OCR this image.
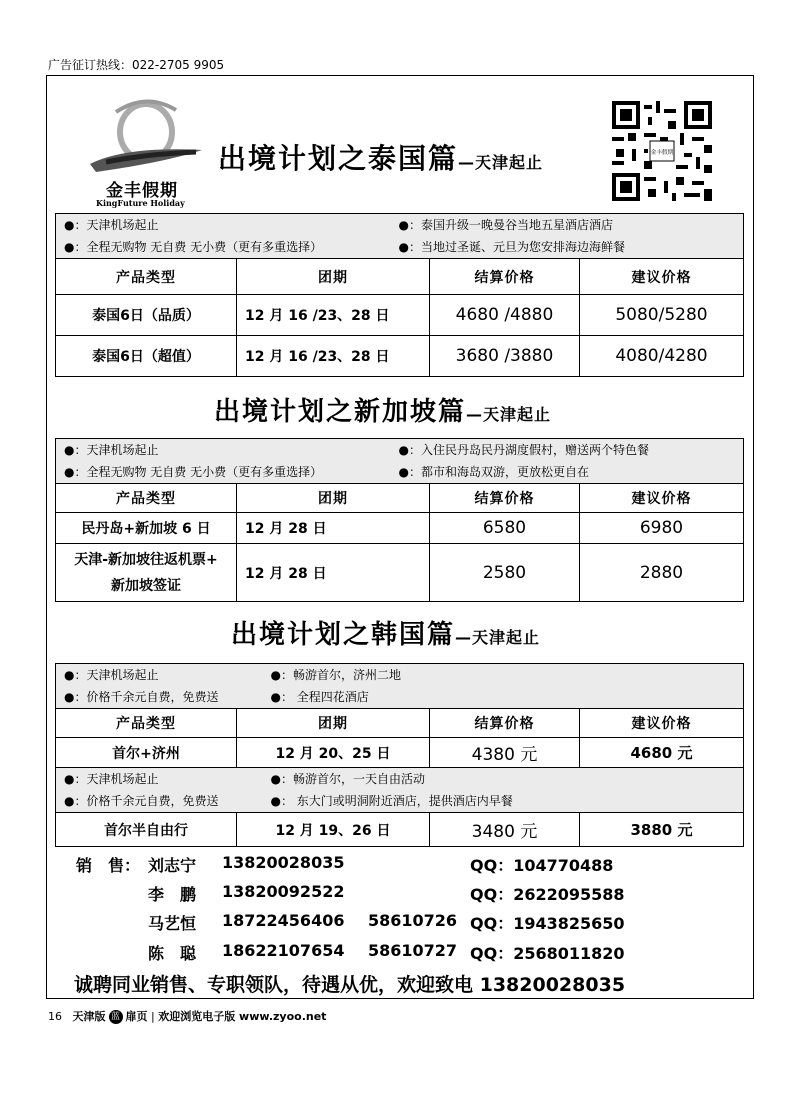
广告征订热线：022-2705 9905
金丰假期
KingFuture Holiday
金丰假期
出境计划之泰国篇—天津起止
●：天津机场起止	●：泰国升级一晚曼谷当地五星酒店酒店
●：全程无购物 无自费 无小费（更有多重选择）	●：当地过圣诞、元旦为您安排海边海鲜餐
产品类型	团期	结算价格	建议价格
泰国6日（品质）	12 月 16 /23、28 日	4680 /4880	5080/5280
泰国6日（超值）	12 月 16 /23、28 日	3680 /3880	4080/4280
出境计划之新加坡篇—天津起止
●：天津机场起止	●：入住民丹岛民丹湖度假村，赠送两个特色餐
●：全程无购物 无自费 无小费（更有多重选择）	●：都市和海岛双游，更放松更自在
产品类型	团期	结算价格	建议价格
民丹岛+新加坡 6 日	12 月 28 日	6580	6980
天津-新加坡往返机票+
新加坡签证	12 月 28 日	2580	2880
出境计划之韩国篇—天津起止
●：天津机场起止	●：畅游首尔，济州二地
●：价格千余元自费，免费送	●： 全程四花酒店
产品类型	团期	结算价格	建议价格
首尔+济州	12 月 20、25 日	4380 元	4680 元
●：天津机场起止	●：畅游首尔，一天自由活动
●：价格千余元自费，免费送	●： 东大门或明洞附近酒店，提供酒店内早餐
首尔半自由行	12 月 19、26 日	3480 元	3880 元
销　售： 刘志宁 13820028035	QQ：104770488
李　鹏 13820092522	QQ：2622095588
马艺恒 18722456406 58610726 QQ：1943825650
陈　聪 18622107654 58610727 QQ：2568011820
诚聘同业销售、专职领队，待遇从优，欢迎致电 13820028035
16 天津版 蓝 扉页 | 欢迎浏览电子版 www.zyoo.net
